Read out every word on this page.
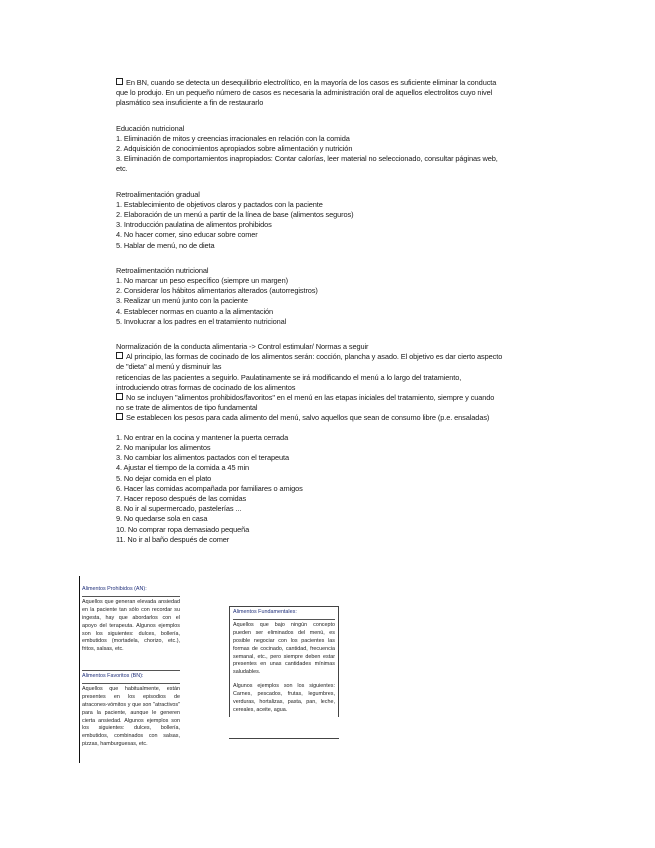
En BN, cuando se detecta un desequilibrio electrolítico, en la mayoría de los casos es suficiente eliminar la conducta

que lo produjo. En un pequeño número de casos es necesaria la administración oral de aquellos electrolitos cuyo nivel

plasmático sea insuficiente a fin de restaurarlo

Educación nutricional

1. Eliminación de mitos y creencias irracionales en relación con la comida

2. Adquisición de conocimientos apropiados sobre alimentación y nutrición

3. Eliminación de comportamientos inapropiados: Contar calorías, leer material no seleccionado, consultar páginas web,

etc.

Retroalimentación gradual

1. Establecimiento de objetivos claros y pactados con la paciente

2. Elaboración de un menú a partir de la línea de base (alimentos seguros)

3. Introducción paulatina de alimentos prohibidos

4. No hacer comer, sino educar sobre comer

5. Hablar de menú, no de dieta

Retroalimentación nutricional

1. No marcar un peso específico (siempre un margen)

2. Considerar los hábitos alimentarios alterados (autorregistros)

3. Realizar un menú junto con la paciente

4. Establecer normas en cuanto a la alimentación

5. Involucrar a los padres en el tratamiento nutricional

Normalización de la conducta alimentaria -> Control estimular/ Normas a seguir

Al principio, las formas de cocinado de los alimentos serán: cocción, plancha y asado. El objetivo es dar cierto aspecto

de "dieta" al menú y disminuir las

reticencias de las pacientes a seguirlo. Paulatinamente se irá modificando el menú a lo largo del tratamiento,

introduciendo otras formas de cocinado de los alimentos

No se incluyen "alimentos prohibidos/favoritos" en el menú en las etapas iniciales del tratamiento, siempre y cuando

no se trate de alimentos de tipo fundamental

Se establecen los pesos para cada alimento del menú, salvo aquellos que sean de consumo libre (p.e. ensaladas)

1. No entrar en la cocina y mantener la puerta cerrada

2. No manipular los alimentos

3. No cambiar los alimentos pactados con el terapeuta

4. Ajustar el tiempo de la comida a 45 min

5. No dejar comida en el plato

6. Hacer las comidas acompañada por familiares o amigos

7. Hacer reposo después de las comidas

8. No ir al supermercado, pastelerías ...

9. No quedarse sola en casa

10. No comprar ropa demasiado pequeña

11. No ir al baño después de comer

Alimentos Prohibidos (AN):
Aquellos que generan elevada ansiedad en la paciente tan sólo con recordar su ingesta, hay que abordarlos con el apoyo del terapeuta. Algunos ejemplos son los siguientes: dulces, bollería, embutidos (mortadela, chorizo, etc.), fritos, salsas, etc.
Alimentos Favoritos (BN):
Aquellos que habitualmente, están presentes en los episodios de atracones-vómitos y que son "atractivos" para la paciente, aunque le generen cierta ansiedad. Algunos ejemplos son los siguientes: dulces, bollería, embutidos, combinados con salsas, pizzas, hamburguesas, etc.
Alimentos Fundamentales:
Aquellos que bajo ningún concepto pueden ser eliminados del menú, es posible negociar con los pacientes las formas de cocinado, cantidad, frecuencia semanal, etc., pero siempre deben estar presentes en unas cantidades mínimas saludables.
Algunos ejemplos son los siguientes: Carnes, pescados, frutas, legumbres, verduras, hortalizas, pasta, pan, leche, cereales, aceite, agua.
